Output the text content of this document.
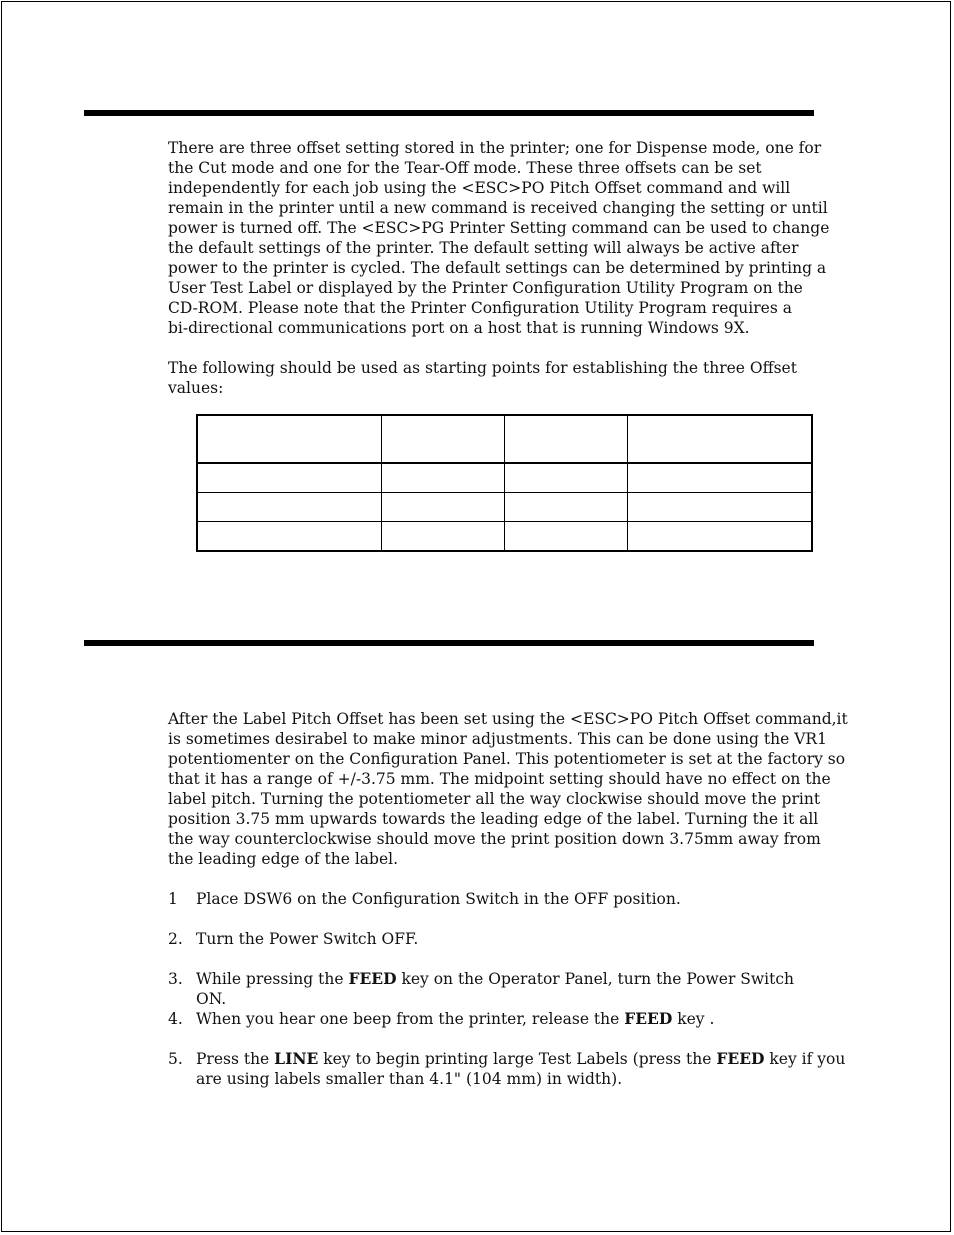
There are three offset setting stored in the printer; one for Dispense mode, one for
the Cut mode and one for the Tear-Off mode. These three offsets can be set
independently for each job using the <ESC>PO Pitch Offset command and will
remain in the printer until a new command is received changing the setting or until
power is turned off. The <ESC>PG Printer Setting command can be used to change
the default settings of the printer. The default setting will always be active after
power to the printer is cycled. The default settings can be determined by printing a
User Test Label or displayed by the Printer Configuration Utility Program on the
CD-ROM. Please note that the Printer Configuration Utility Program requires a
bi-directional communications port on a host that is running Windows 9X.

The following should be used as starting points for establishing the three Offset
values:

After the Label Pitch Offset has been set using the <ESC>PO Pitch Offset command,it
is sometimes desirabel to make minor adjustments. This can be done using the VR1
potentiomenter on the Configuration Panel. This potentiometer is set at the factory so
that it has a range of +/-3.75 mm. The midpoint setting should have no effect on the
label pitch. Turning the potentiometer all the way clockwise should move the print
position 3.75 mm upwards towards the leading edge of the label. Turning the it all
the way counterclockwise should move the print position down 3.75mm away from
the leading edge of the label.

1 Place DSW6 on the Configuration Switch in the OFF position.
2. Turn the Power Switch OFF.
3. While pressing the FEED key on the Operator Panel, turn the Power Switch ON.
4. When you hear one beep from the printer, release the FEED key .
5. Press the LINE key to begin printing large Test Labels (press the FEED key if you
are using labels smaller than 4.1" (104 mm) in width).
